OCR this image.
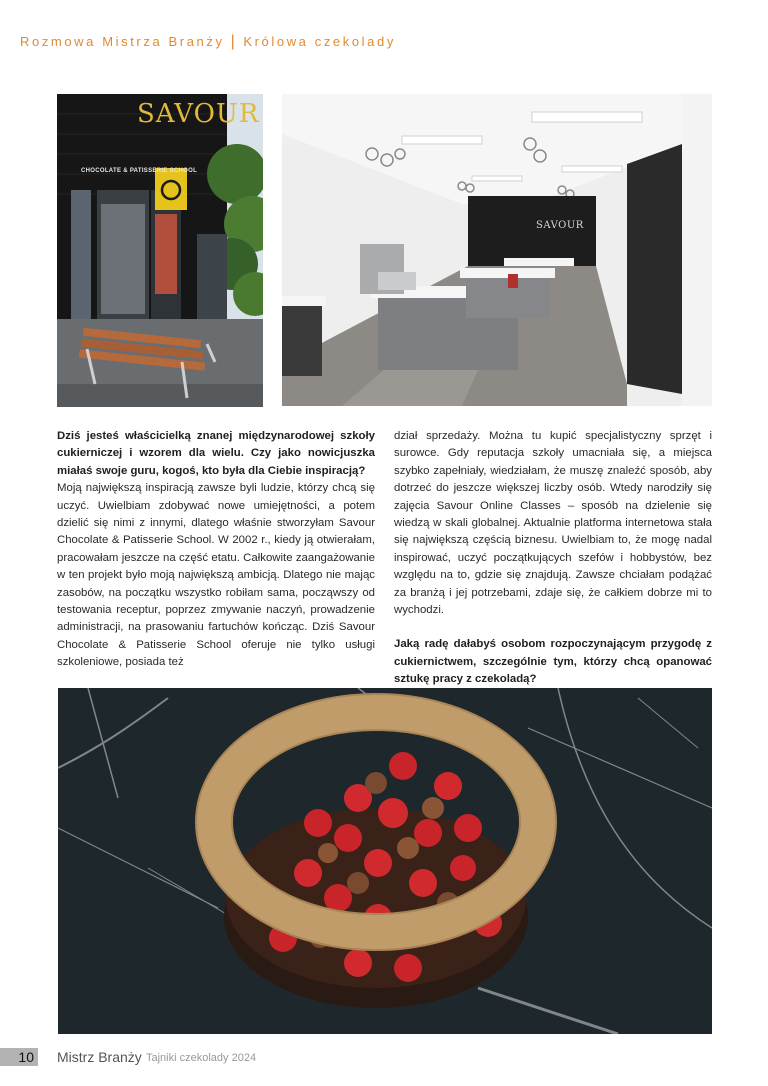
Rozmowa Mistrza Branży | Królowa czekolady
SAVOUR
CHOCOLATE & PATISSERIE SCHOOL
SAVOUR

Dziś jesteś właścicielką znanej międzynarodowej szkoły cukierniczej i wzorem dla wielu. Czy jako nowicjuszka miałaś swoje guru, kogoś, kto była dla Ciebie inspiracją?

Moją największą inspiracją zawsze byli ludzie, którzy chcą się uczyć. Uwielbiam zdobywać nowe umiejętności, a potem dzielić się nimi z innymi, dlatego właśnie stworzyłam Savour Chocolate & Patisserie School. W 2002 r., kiedy ją otwierałam, pracowałam jeszcze na część etatu. Całkowite zaangażowanie w ten projekt było moją największą ambicją. Dlatego nie mając zasobów, na początku wszystko robiłam sama, począwszy od testowania receptur, poprzez zmywanie naczyń, prowadzenie administracji, na prasowaniu fartuchów kończąc. Dziś Savour Chocolate & Patisserie School oferuje nie tylko usługi szkoleniowe, posiada też

dział sprzedaży. Można tu kupić specjalistyczny sprzęt i surowce. Gdy reputacja szkoły umacniała się, a miejsca szybko zapełniały, wiedziałam, że muszę znaleźć sposób, aby dotrzeć do jeszcze większej liczby osób. Wtedy narodziły się zajęcia Savour Online Classes – sposób na dzielenie się wiedzą w skali globalnej. Aktualnie platforma internetowa stała się największą częścią biznesu. Uwielbiam to, że mogę nadal inspirować, uczyć początkujących szefów i hobbystów, bez względu na to, gdzie się znajdują. Zawsze chciałam podążać za branżą i jej potrzebami, zdaje się, że całkiem dobrze mi to wychodzi.

Jaką radę dałabyś osobom rozpoczynającym przygodę z cukiernictwem, szczególnie tym, którzy chcą opanować sztukę pracy z czekoladą?

10 Mistrz Branży Tajniki czekolady 2024
